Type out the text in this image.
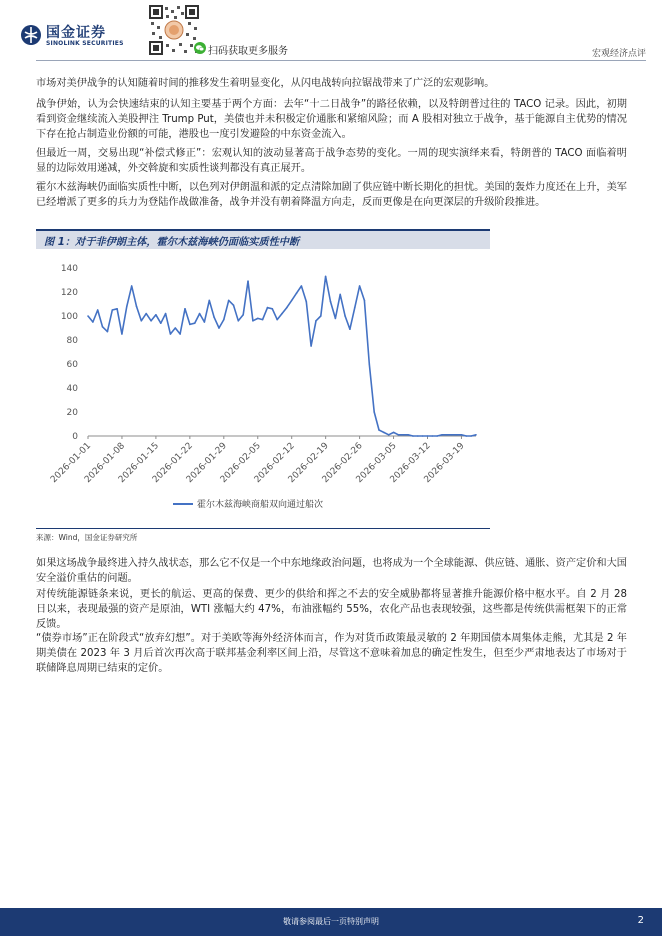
国金证券
SINOLINK SECURITIES
扫码获取更多服务	宏观经济点评
市场对美伊战争的认知随着时间的推移发生着明显变化，从闪电战转向拉锯战带来了广泛的宏观影响。
战争伊始，认为会快速结束的认知主要基于两个方面：去年“十二日战争”的路径依赖，以及特朗普过往的 TACO 记录。因此，初期看到资金继续流入美股押注 Trump Put，美债也并未积极定价通胀和紧缩风险；而 A 股相对独立于战争，基于能源自主优势的情况下存在抢占制造业份额的可能，港股也一度引发避险的中东资金流入。
但最近一周，交易出现“补偿式修正”：宏观认知的波动显著高于战争态势的变化。一周的现实演绎来看，特朗普的 TACO 面临着明显的边际效用递减，外交斡旋和实质性谈判都没有真正展开。
霍尔木兹海峡仍面临实质性中断，以色列对伊朗温和派的定点清除加剧了供应链中断长期化的担忧。美国的轰炸力度还在上升，美军已经增派了更多的兵力为登陆作战做准备，战争并没有朝着降温方向走，反而更像是在向更深层的升级阶段推进。
图 1：对于非伊朗主体，霍尔木兹海峡仍面临实质性中断
0
20
40
60
80
100
120
140
2026-01-01
2026-01-08
2026-01-15
2026-01-22
2026-01-29
2026-02-05
2026-02-12
2026-02-19
2026-02-26
2026-03-05
2026-03-12
2026-03-19
霍尔木兹海峡商船双向通过船次
来源：Wind，国金证券研究所
如果这场战争最终进入持久战状态，那么它不仅是一个中东地缘政治问题，也将成为一个全球能源、供应链、通胀、资产定价和大国安全溢价重估的问题。
对传统能源链条来说，更长的航运、更高的保费、更少的供给和挥之不去的安全威胁都将显著推升能源价格中枢水平。自 2 月 28 日以来，表现最强的资产是原油，WTI 涨幅大约 47%，布油涨幅约 55%，农化产品也表现较强，这些都是传统供需框架下的正常反馈。
“债券市场”正在阶段式“放弃幻想”。对于美欧等海外经济体而言，作为对货币政策最灵敏的 2 年期国债本周集体走熊，尤其是 2 年期美债在 2023 年 3 月后首次再次高于联邦基金利率区间上沿，尽管这不意味着加息的确定性发生，但至少严肃地表达了市场对于联储降息周期已结束的定价。
敬请参阅最后一页特别声明	2
